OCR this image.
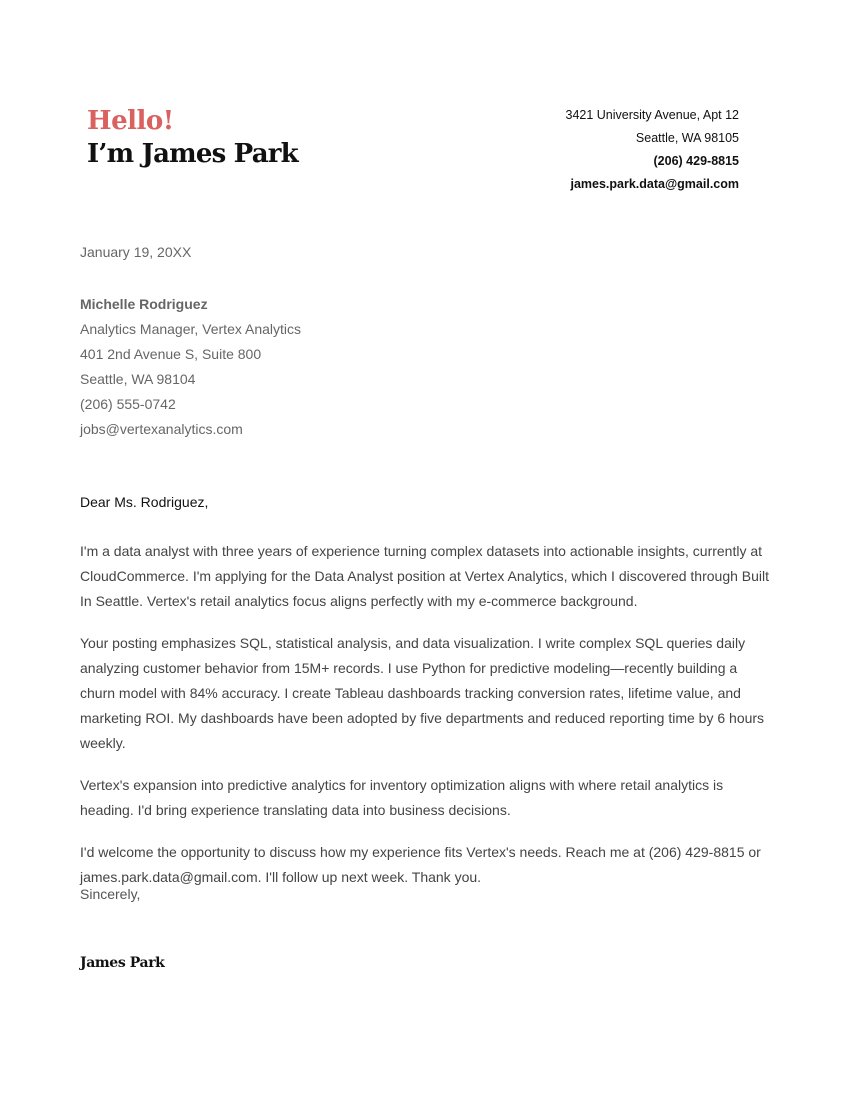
Hello!
I’m James Park
3421 University Avenue, Apt 12
Seattle, WA 98105
(206) 429-8815
james.park.data@gmail.com
January 19, 20XX
Michelle Rodriguez
Analytics Manager, Vertex Analytics
401 2nd Avenue S, Suite 800
Seattle, WA 98104
(206) 555-0742
jobs@vertexanalytics.com
Dear Ms. Rodriguez,

I'm a data analyst with three years of experience turning complex datasets into actionable insights, currently at CloudCommerce. I'm applying for the Data Analyst position at Vertex Analytics, which I discovered through Built In Seattle. Vertex's retail analytics focus aligns perfectly with my e-commerce background.

Your posting emphasizes SQL, statistical analysis, and data visualization. I write complex SQL queries daily analyzing customer behavior from 15M+ records. I use Python for predictive modeling—recently building a churn model with 84% accuracy. I create Tableau dashboards tracking conversion rates, lifetime value, and marketing ROI. My dashboards have been adopted by five departments and reduced reporting time by 6 hours weekly.

Vertex's expansion into predictive analytics for inventory optimization aligns with where retail analytics is heading. I'd bring experience translating data into business decisions.

I'd welcome the opportunity to discuss how my experience fits Vertex's needs. Reach me at (206) 429-8815 or james.park.data@gmail.com. I'll follow up next week. Thank you.

Sincerely,
James Park
